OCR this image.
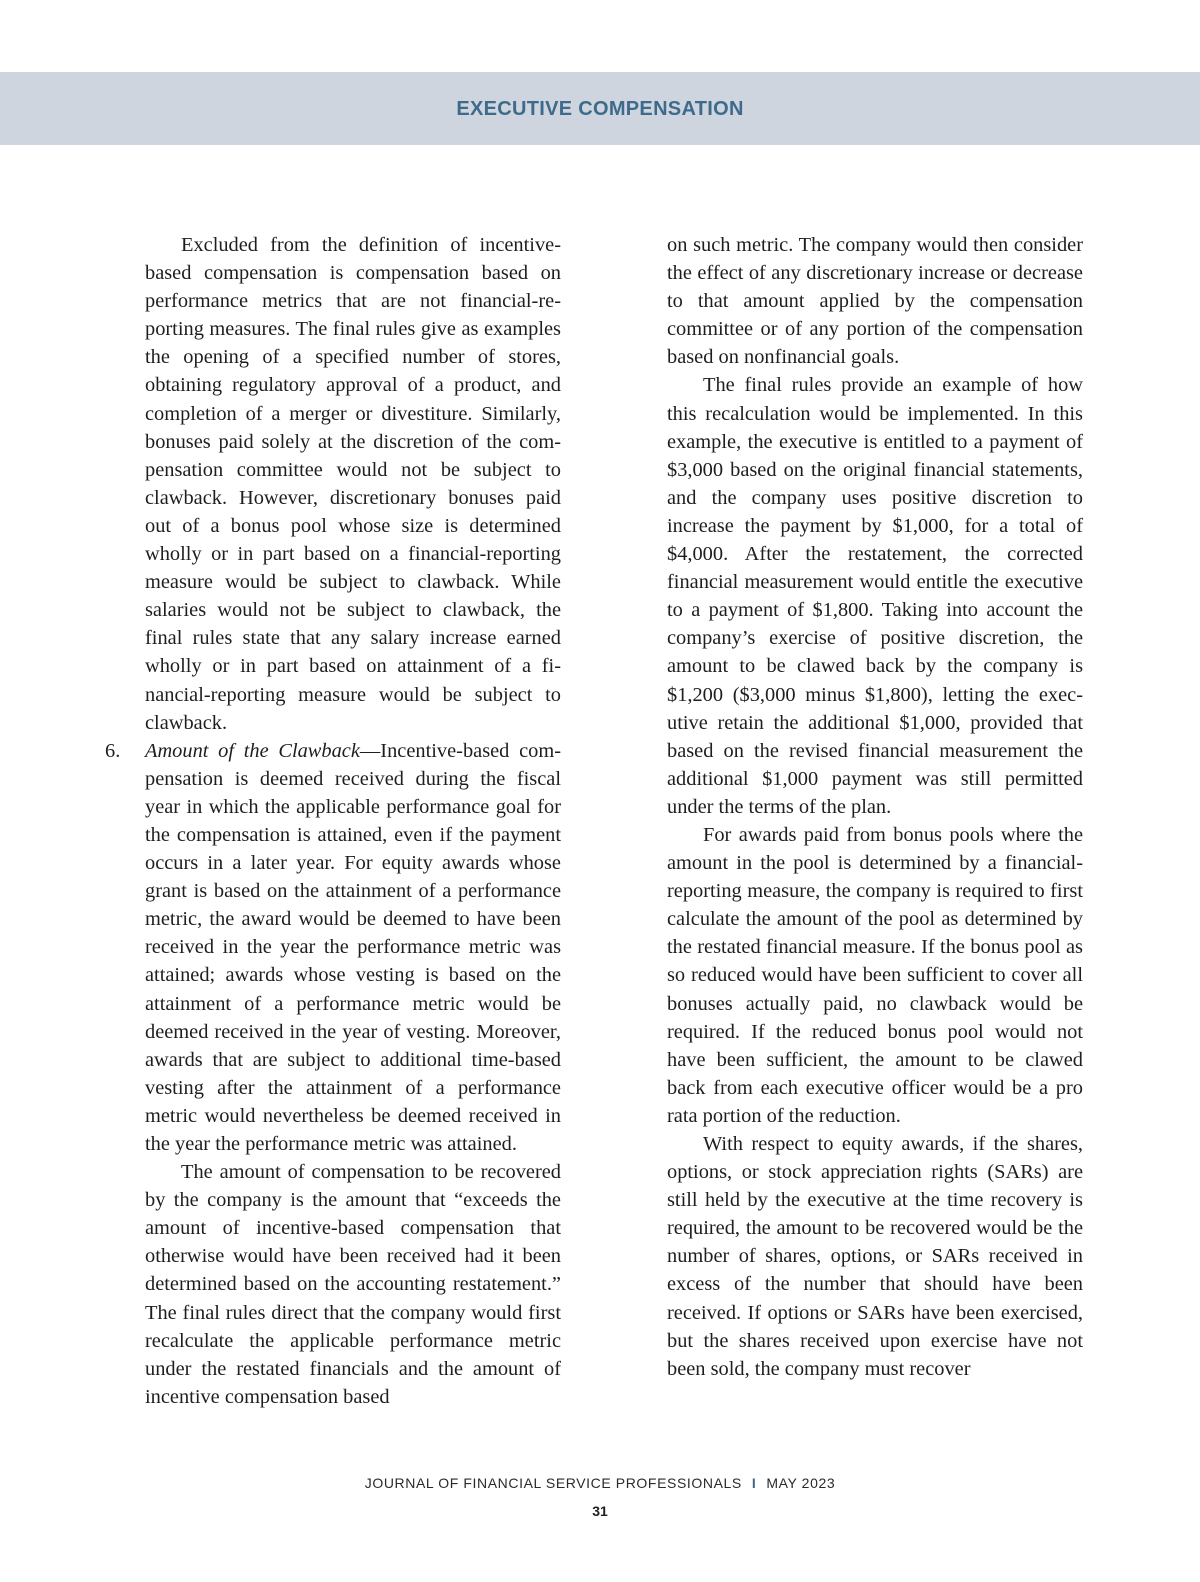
EXECUTIVE COMPENSATION

Excluded from the definition of incentive-based compensation is compensation based on performance metrics that are not financial-reporting measures. The final rules give as examples the opening of a specified number of stores, obtaining regulatory approval of a product, and completion of a merger or divestiture. Similarly, bonuses paid solely at the discretion of the compensation committee would not be subject to clawback. However, discretionary bonuses paid out of a bonus pool whose size is determined wholly or in part based on a financial-reporting measure would be subject to clawback. While salaries would not be subject to clawback, the final rules state that any salary increase earned wholly or in part based on attainment of a financial-reporting measure would be subject to clawback.

6. Amount of the Clawback—Incentive-based compensation is deemed received during the fiscal year in which the applicable performance goal for the compensation is attained, even if the payment occurs in a later year. For equity awards whose grant is based on the attainment of a performance metric, the award would be deemed to have been received in the year the performance metric was attained; awards whose vesting is based on the attainment of a performance metric would be deemed received in the year of vesting. Moreover, awards that are subject to additional time-based vesting after the attainment of a performance metric would nevertheless be deemed received in the year the performance metric was attained.

The amount of compensation to be recovered by the company is the amount that “exceeds the amount of incentive-based compensation that otherwise would have been received had it been determined based on the accounting restatement.” The final rules direct that the company would first recalculate the applicable performance metric under the restated financials and the amount of incentive compensation based

on such metric. The company would then consider the effect of any discretionary increase or decrease to that amount applied by the compensation committee or of any portion of the compensation based on nonfinancial goals.

The final rules provide an example of how this recalculation would be implemented. In this example, the executive is entitled to a payment of $3,000 based on the original financial statements, and the company uses positive discretion to increase the payment by $1,000, for a total of $4,000. After the restatement, the corrected financial measurement would entitle the executive to a payment of $1,800. Taking into account the company’s exercise of positive discretion, the amount to be clawed back by the company is $1,200 ($3,000 minus $1,800), letting the executive retain the additional $1,000, provided that based on the revised financial measurement the additional $1,000 payment was still permitted under the terms of the plan.

For awards paid from bonus pools where the amount in the pool is determined by a financial-reporting measure, the company is required to first calculate the amount of the pool as determined by the restated financial measure. If the bonus pool as so reduced would have been sufficient to cover all bonuses actually paid, no clawback would be required. If the reduced bonus pool would not have been sufficient, the amount to be clawed back from each executive officer would be a pro rata portion of the reduction.

With respect to equity awards, if the shares, options, or stock appreciation rights (SARs) are still held by the executive at the time recovery is required, the amount to be recovered would be the number of shares, options, or SARs received in excess of the number that should have been received. If options or SARs have been exercised, but the shares received upon exercise have not been sold, the company must recover

JOURNAL OF FINANCIAL SERVICE PROFESSIONALS I MAY 2023
31
